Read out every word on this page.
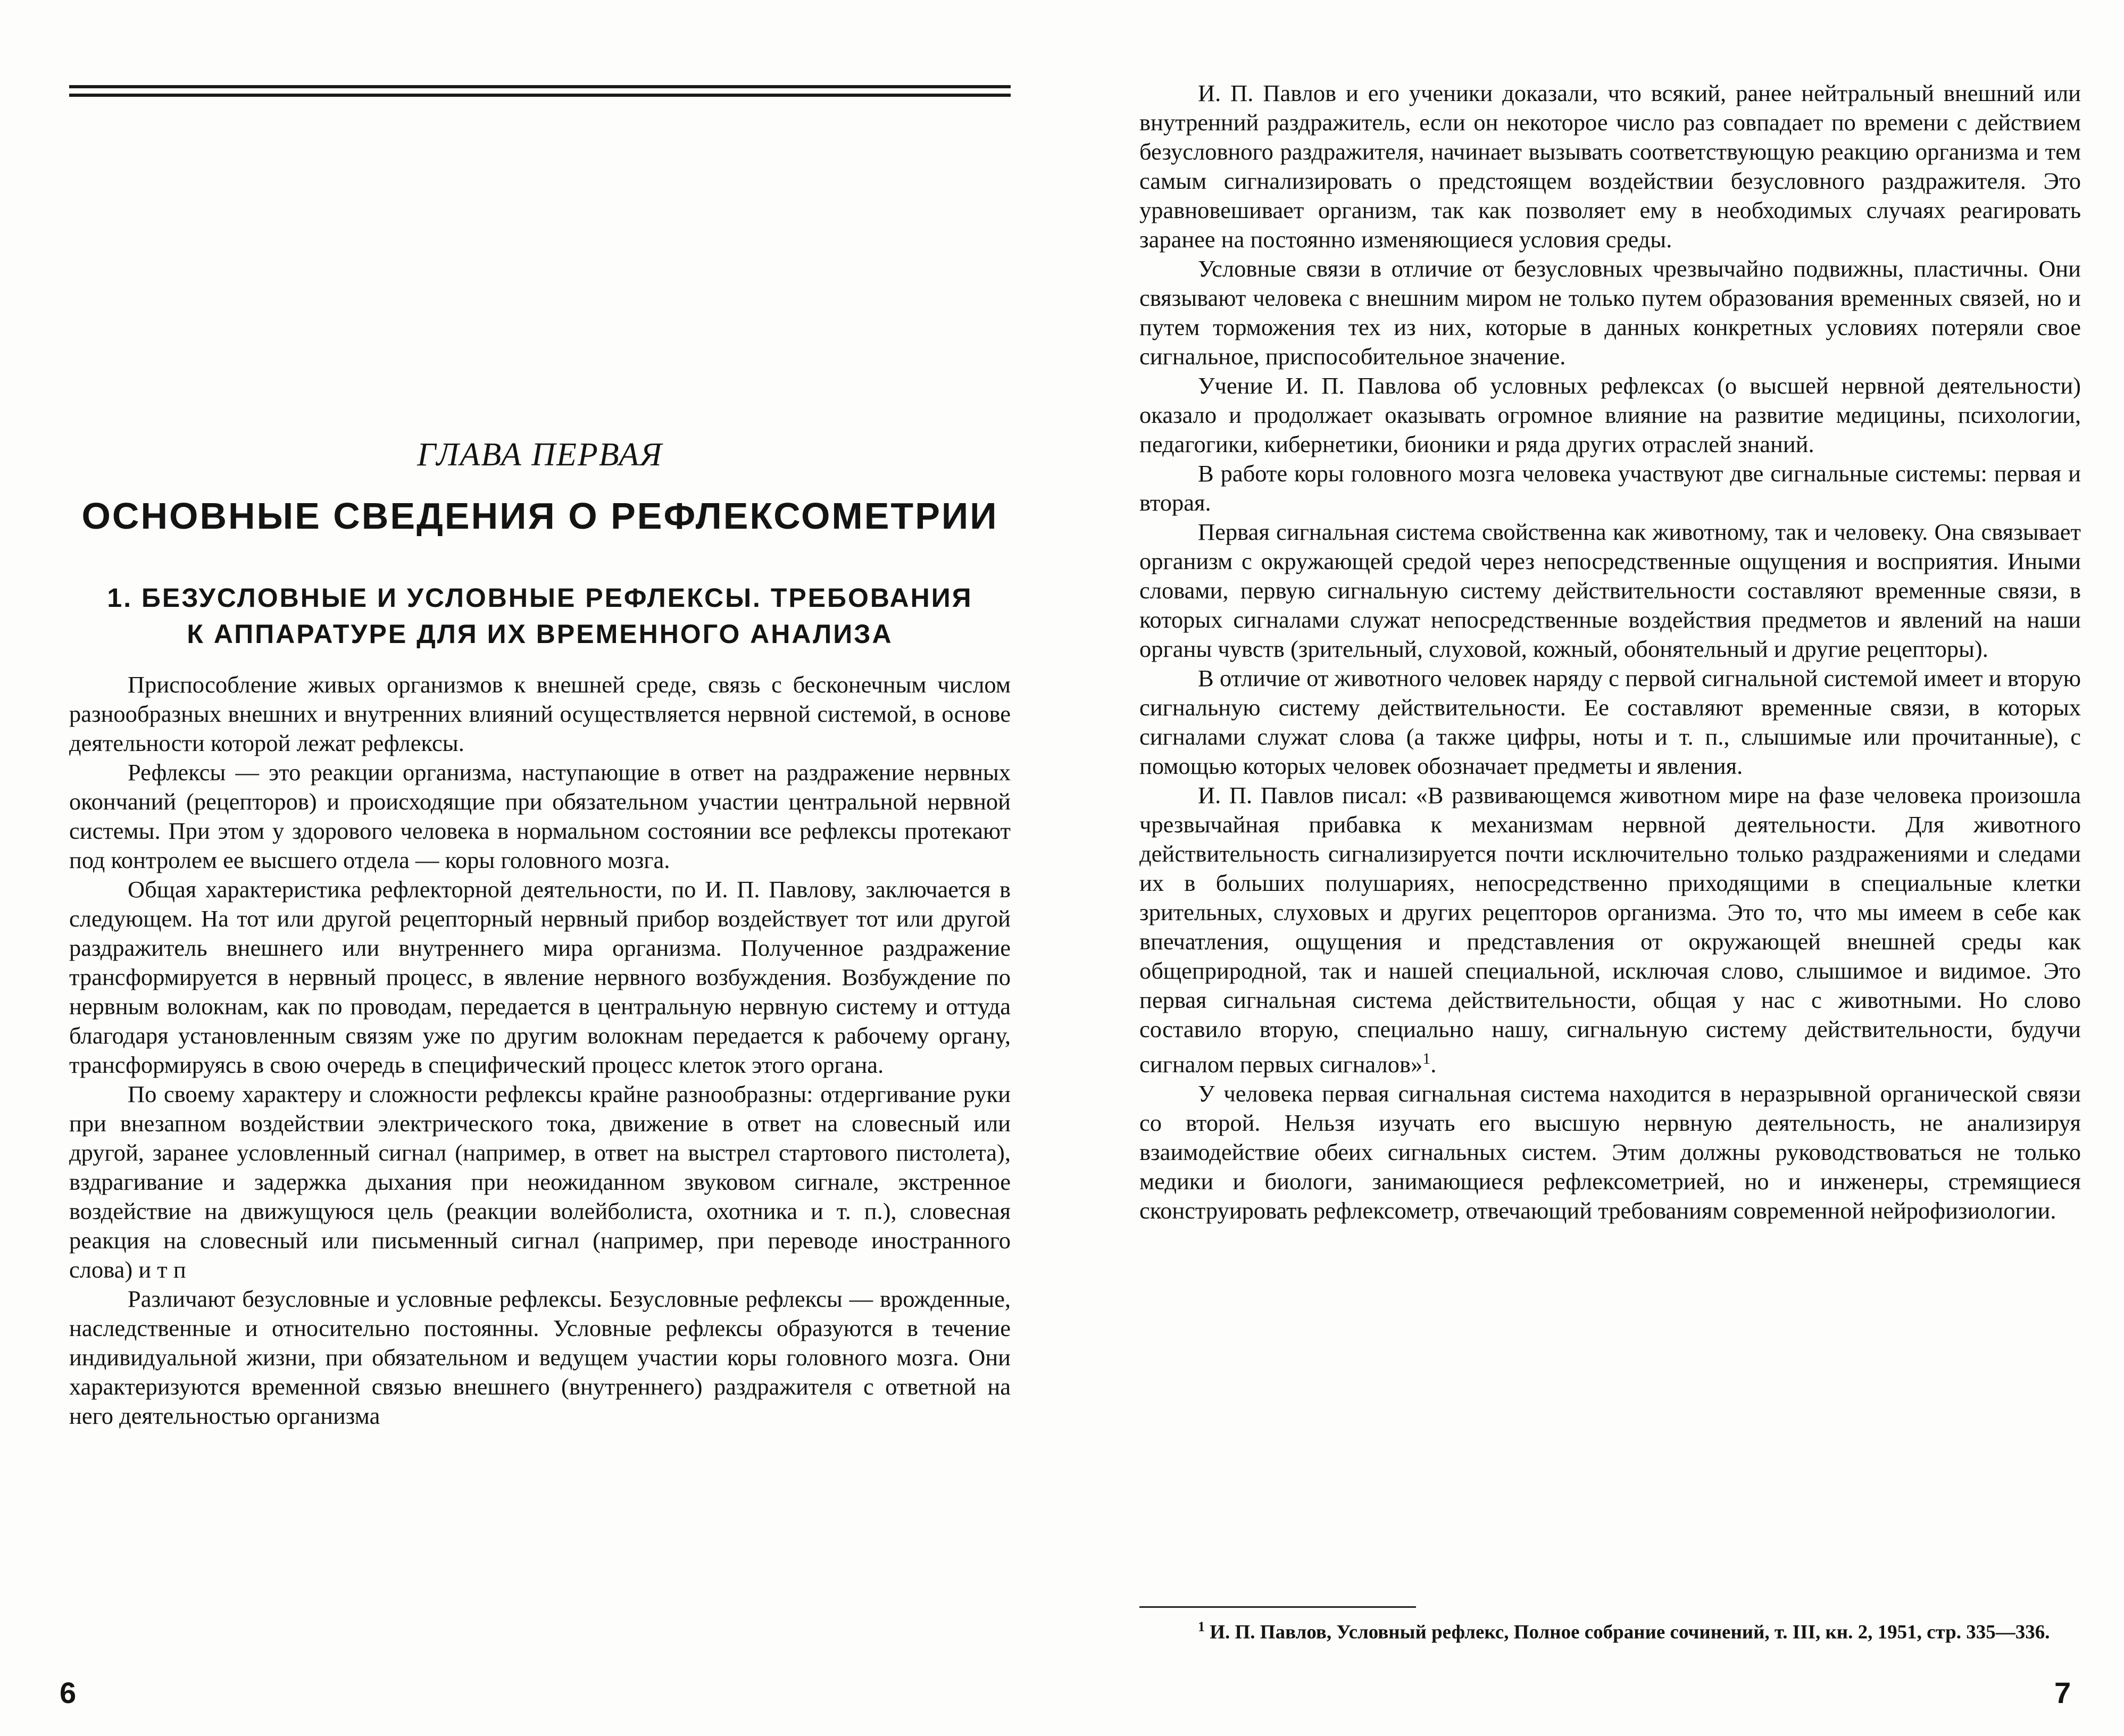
ГЛАВА ПЕРВАЯ
ОСНОВНЫЕ СВЕДЕНИЯ О РЕФЛЕКСОМЕТРИИ
1. БЕЗУСЛОВНЫЕ И УСЛОВНЫЕ РЕФЛЕКСЫ. ТРЕБОВАНИЯ
К АППАРАТУРЕ ДЛЯ ИХ ВРЕМЕННОГО АНАЛИЗА

Приспособление живых организмов к внешней среде, связь с бесконечным числом разнообразных внешних и внутренних влияний осуществляется нервной системой, в основе деятельности которой лежат рефлексы.

Рефлексы — это реакции организма, наступающие в ответ на раздражение нервных окончаний (рецепторов) и происходящие при обязательном участии центральной нервной системы. При этом у здорового человека в нормальном состоянии все рефлексы протекают под контролем ее высшего отдела — коры головного мозга.

Общая характеристика рефлекторной деятельности, по И. П. Павлову, заключается в следующем. На тот или другой рецепторный нервный прибор воздействует тот или другой раздражитель внешнего или внутреннего мира организма. Полученное раздражение трансформируется в нервный процесс, в явление нервного возбуждения. Возбуждение по нервным волокнам, как по проводам, передается в центральную нервную систему и оттуда благодаря установленным связям уже по другим волокнам передается к рабочему органу, трансформируясь в свою очередь в специфический процесс клеток этого органа.

По своему характеру и сложности рефлексы крайне разнообразны: отдергивание руки при внезапном воздействии электрического тока, движение в ответ на словесный или другой, заранее условленный сигнал (например, в ответ на выстрел стартового пистолета), вздрагивание и задержка дыхания при неожиданном звуковом сигнале, экстренное воздействие на движущуюся цель (реакции волейболиста, охотника и т. п.), словесная реакция на словесный или письменный сигнал (например, при переводе иностранного слова) и т п

Различают безусловные и условные рефлексы. Безусловные рефлексы — врожденные, наследственные и относительно постоянны. Условные рефлексы образуются в течение индивидуальной жизни, при обязательном и ведущем участии коры головного мозга. Они характеризуются временной связью внешнего (внутреннего) раздражителя с ответной на него деятельностью организма

6

И. П. Павлов и его ученики доказали, что всякий, ранее нейтральный внешний или внутренний раздражитель, если он некоторое число раз совпадает по времени с действием безусловного раздражителя, начинает вызывать соответствующую реакцию организма и тем самым сигнализировать о предстоящем воздействии безусловного раздражителя. Это уравновешивает организм, так как позволяет ему в необходимых случаях реагировать заранее на постоянно изменяющиеся условия среды.

Условные связи в отличие от безусловных чрезвычайно подвижны, пластичны. Они связывают человека с внешним миром не только путем образования временных связей, но и путем торможения тех из них, которые в данных конкретных условиях потеряли свое сигнальное, приспособительное значение.

Учение И. П. Павлова об условных рефлексах (о высшей нервной деятельности) оказало и продолжает оказывать огромное влияние на развитие медицины, психологии, педагогики, кибернетики, бионики и ряда других отраслей знаний.

В работе коры головного мозга человека участвуют две сигнальные системы: первая и вторая.

Первая сигнальная система свойственна как животному, так и человеку. Она связывает организм с окружающей средой через непосредственные ощущения и восприятия. Иными словами, первую сигнальную систему действительности составляют временные связи, в которых сигналами служат непосредственные воздействия предметов и явлений на наши органы чувств (зрительный, слуховой, кожный, обонятельный и другие рецепторы).

В отличие от животного человек наряду с первой сигнальной системой имеет и вторую сигнальную систему действительности. Ее составляют временные связи, в которых сигналами служат слова (а также цифры, ноты и т. п., слышимые или прочитанные), с помощью которых человек обозначает предметы и явления.

И. П. Павлов писал: «В развивающемся животном мире на фазе человека произошла чрезвычайная прибавка к механизмам нервной деятельности. Для животного действительность сигнализируется почти исключительно только раздражениями и следами их в больших полушариях, непосредственно приходящими в специальные клетки зрительных, слуховых и других рецепторов организма. Это то, что мы имеем в себе как впечатления, ощущения и представления от окружающей внешней среды как общеприродной, так и нашей специальной, исключая слово, слышимое и видимое. Это первая сигнальная система действительности, общая у нас с животными. Но слово составило вторую, специально нашу, сигнальную систему действительности, будучи сигналом первых сигналов»$^1$.

У человека первая сигнальная система находится в неразрывной органической связи со второй. Нельзя изучать его высшую нервную деятельность, не анализируя взаимодействие обеих сигнальных систем. Этим должны руководствоваться не только медики и биологи, занимающиеся рефлексометрией, но и инженеры, стремящиеся сконструировать рефлексометр, отвечающий требованиям современной нейрофизиологии.

$^1$ И. П. Павлов, Условный рефлекс, Полное собрание сочинений, т. III, кн. 2, 1951, стр. 335—336.
7
